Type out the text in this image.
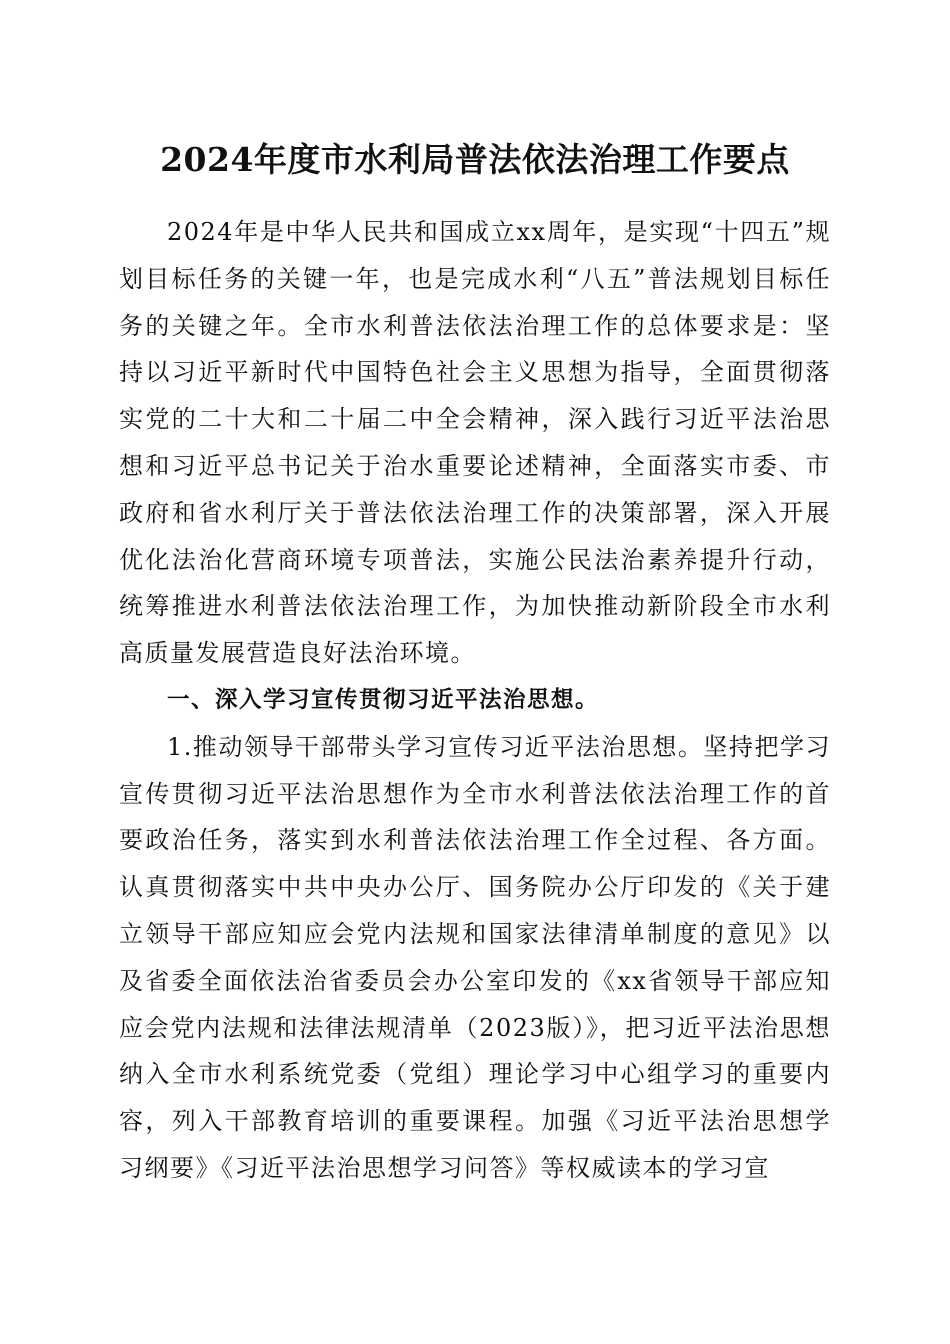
2024年度市水利局普法依法治理工作要点

2024年是中华人民共和国成立xx周年，是实现“十四五”规划目标任务的关键一年，也是完成水利“八五”普法规划目标任务的关键之年。全市水利普法依法治理工作的总体要求是：坚持以习近平新时代中国特色社会主义思想为指导，全面贯彻落实党的二十大和二十届二中全会精神，深入践行习近平法治思想和习近平总书记关于治水重要论述精神，全面落实市委、市政府和省水利厅关于普法依法治理工作的决策部署，深入开展优化法治化营商环境专项普法，实施公民法治素养提升行动，统筹推进水利普法依法治理工作，为加快推动新阶段全市水利高质量发展营造良好法治环境。

一、深入学习宣传贯彻习近平法治思想。

1.推动领导干部带头学习宣传习近平法治思想。坚持把学习宣传贯彻习近平法治思想作为全市水利普法依法治理工作的首要政治任务，落实到水利普法依法治理工作全过程、各方面。认真贯彻落实中共中央办公厅、国务院办公厅印发的《关于建立领导干部应知应会党内法规和国家法律清单制度的意见》以及省委全面依法治省委员会办公室印发的《xx省领导干部应知应会党内法规和法律法规清单（2023版）》，把习近平法治思想纳入全市水利系统党委（党组）理论学习中心组学习的重要内容，列入干部教育培训的重要课程。加强《习近平法治思想学习纲要》《习近平法治思想学习问答》等权威读本的学习宣
